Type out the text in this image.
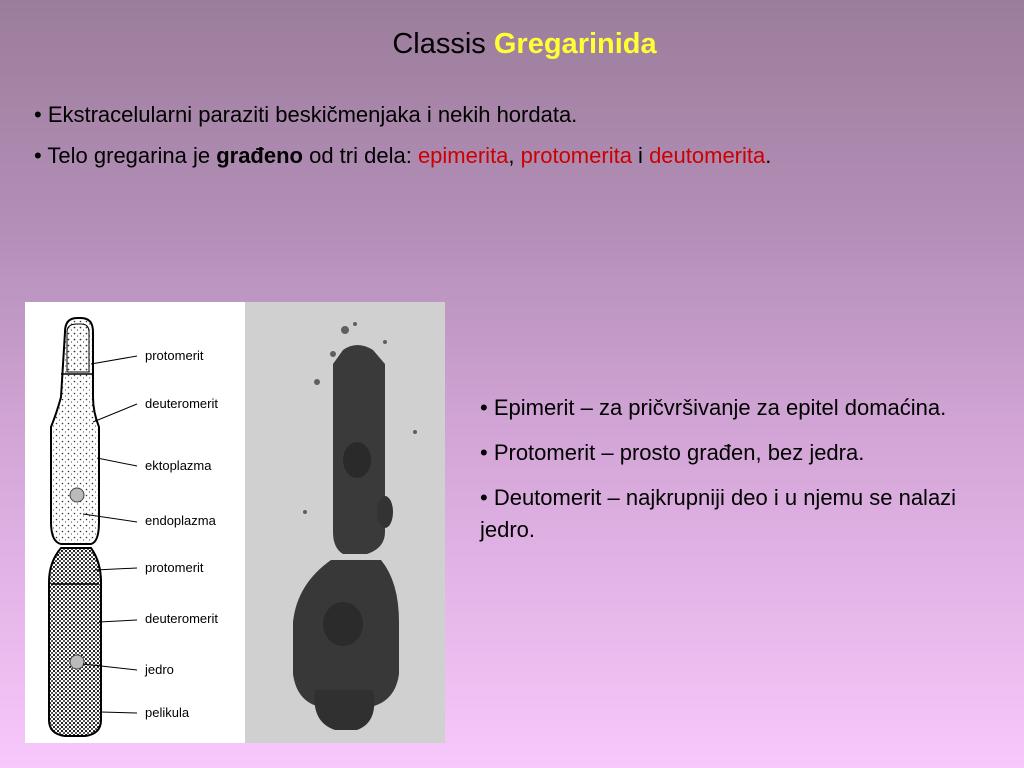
Classis Gregarinida

• Ekstracelularni paraziti beskičmenjaka i nekih hordata.

• Telo gregarina je građeno od tri dela: epimerita, protomerita i deutomerita.

protomerit
deuteromerit
ektoplazma
endoplazma
protomerit
deuteromerit
jedro
pelikula

• Epimerit – za pričvršivanje za epitel domaćina.

• Protomerit – prosto građen, bez jedra.

• Deutomerit – najkrupniji deo i u njemu se nalazi jedro.
